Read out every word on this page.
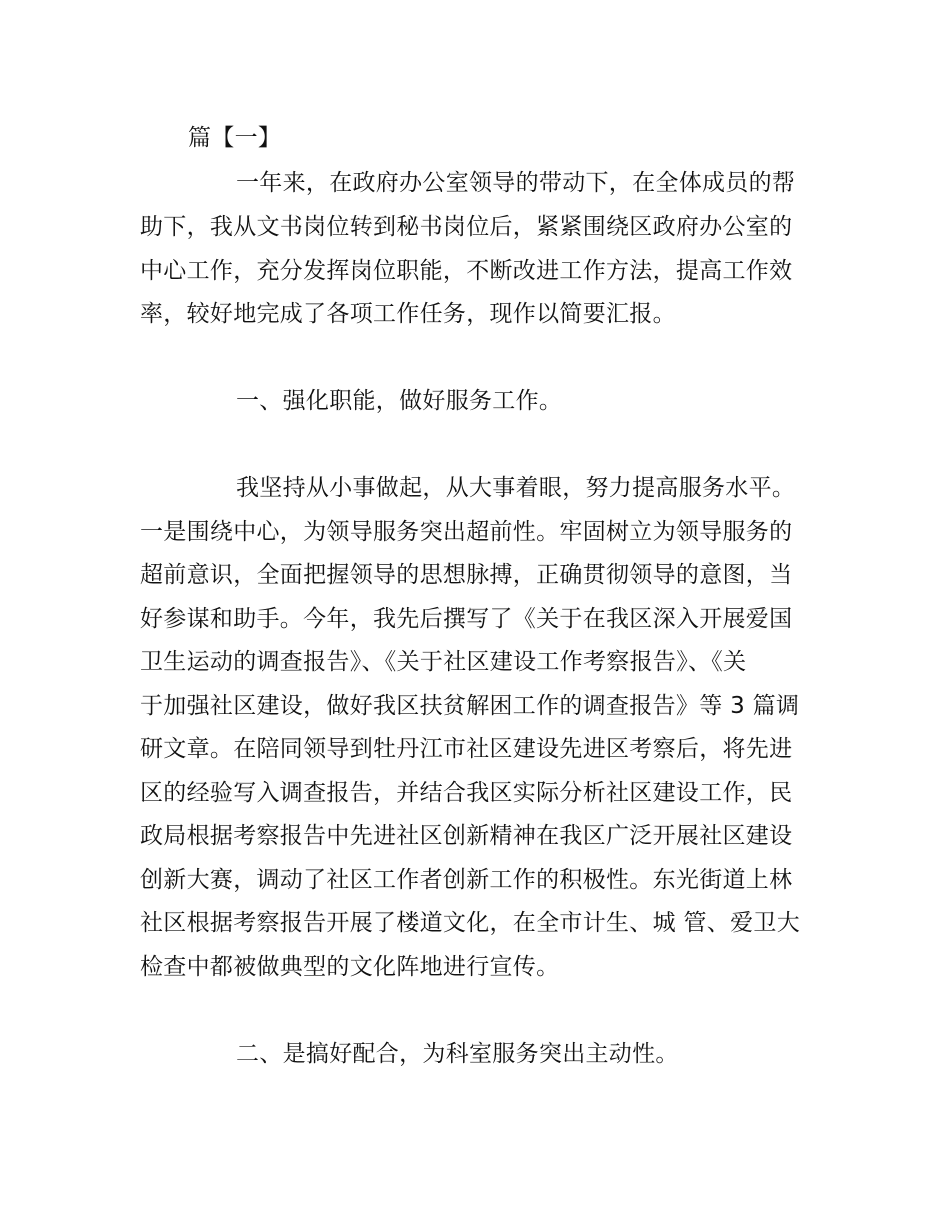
篇【一】
一年来，在政府办公室领导的带动下，在全体成员的帮
助下，我从文书岗位转到秘书岗位后，紧紧围绕区政府办公室的
中心工作，充分发挥岗位职能，不断改进工作方法，提高工作效
率，较好地完成了各项工作任务，现作以简要汇报。
一、强化职能，做好服务工作。
我坚持从小事做起，从大事着眼，努力提高服务水平。
一是围绕中心，为领导服务突出超前性。牢固树立为领导服务的
超前意识，全面把握领导的思想脉搏，正确贯彻领导的意图，当
好参谋和助手。今年，我先后撰写了《关于在我区深入开展爱国
卫生运动的调查报告》、《关于社区建设工作考察报告》、《关
于加强社区建设，做好我区扶贫解困工作的调查报告》等 3 篇调
研文章。在陪同领导到牡丹江市社区建设先进区考察后，将先进
区的经验写入调查报告，并结合我区实际分析社区建设工作，民
政局根据考察报告中先进社区创新精神在我区广泛开展社区建设
创新大赛，调动了社区工作者创新工作的积极性。东光街道上林
社区根据考察报告开展了楼道文化，在全市计生、城 管、爱卫大
检查中都被做典型的文化阵地进行宣传。
二、是搞好配合，为科室服务突出主动性。
